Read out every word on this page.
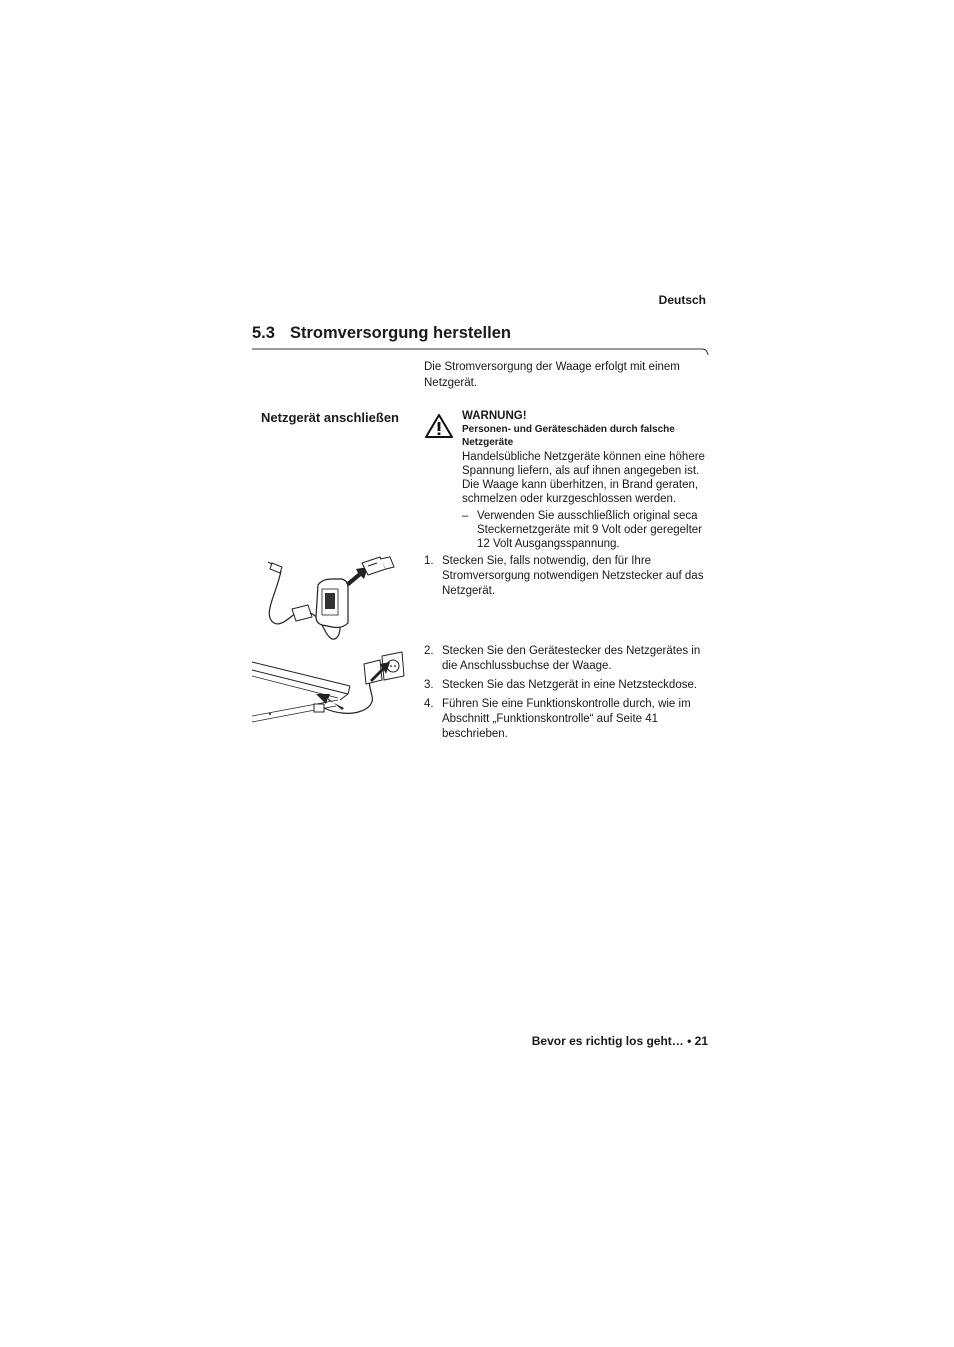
Deutsch
5.3 Stromversorgung herstellen
Die Stromversorgung der Waage erfolgt mit einem Netzgerät.
Netzgerät anschließen	WARNUNG!
Personen- und Geräteschäden durch falsche Netzgeräte
Handelsübliche Netzgeräte können eine höhere Spannung liefern, als auf ihnen angegeben ist. Die Waage kann überhitzen, in Brand geraten, schmelzen oder kurzgeschlossen werden.
– Verwenden Sie ausschließlich original seca Steckernetzgeräte mit 9 Volt oder geregelter 12 Volt Ausgangsspannung.
1. Stecken Sie, falls notwendig, den für Ihre Stromversorgung notwendigen Netzstecker auf das Netzgerät.
2. Stecken Sie den Gerätestecker des Netzgerätes in die Anschlussbuchse der Waage.
3. Stecken Sie das Netzgerät in eine Netzsteckdose.
4. Führen Sie eine Funktionskontrolle durch, wie im Abschnitt „Funktionskontrolle“ auf Seite 41 beschrieben.
Bevor es richtig los geht… • 21
